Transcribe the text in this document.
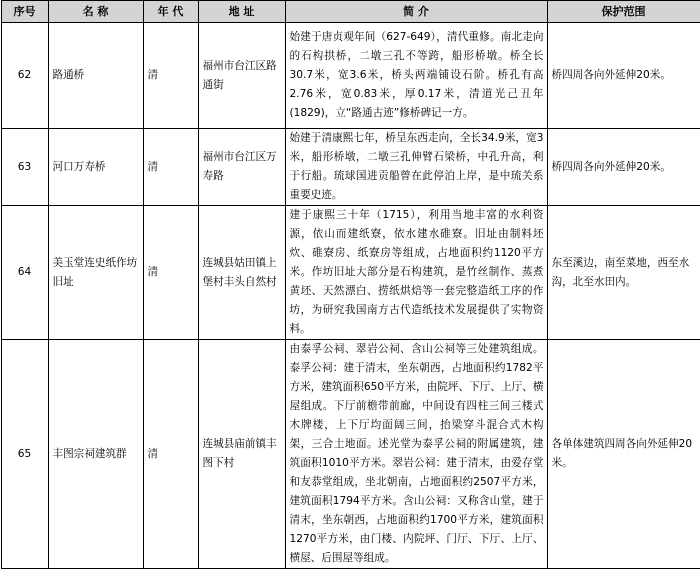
序号	名 称	年 代	地 址	简 介	保护范围
62	路通桥	清	福州市台江区路通街	始建于唐贞观年间（627-649），清代重修。南北走向的石构拱桥，二墩三孔不等跨，船形桥墩。桥全长30.7米，宽3.6米，桥头两端铺设石阶。桥孔有高2.76米，宽0.83米，厚0.17米，清道光己丑年(1829)，立“路通古迹”修桥碑记一方。	桥四周各向外延伸20米。
63	河口万寿桥	清	福州市台江区万寿路	始建于清康熙七年，桥呈东西走向，全长34.9米，宽3米，船形桥墩，二墩三孔伸臂石梁桥，中孔升高，利于行船。琉球国进贡船曾在此停泊上岸，是中琉关系重要史迹。	桥四周各向外延伸20米。
64	美玉堂连史纸作坊旧址	清	连城县姑田镇上堡村丰头自然村	建于康熙三十年（1715），利用当地丰富的水利资源，依山而建纸寮，依水建水碓寮。旧址由制料坯炊、碓寮房、纸寮房等组成，占地面积约1120平方米。作坊旧址大部分是石构建筑，是竹丝制作、蒸煮黄坯、天然漂白、捞纸烘焙等一套完整造纸工序的作坊，为研究我国南方古代造纸技术发展提供了实物资料。	东至溪边，南至菜地，西至水沟，北至水田内。
65	丰图宗祠建筑群	清	连城县庙前镇丰图下村	由泰孚公祠、翠岩公祠、含山公祠等三处建筑组成。泰孚公祠：建于清末，坐东朝西，占地面积约1782平方米，建筑面积650平方米，由院坪、下厅、上厅、横屋组成。下厅前檐带前廊，中间设有四柱三间三楼式木牌楼，上下厅均面阔三间，抬梁穿斗混合式木构架，三合土地面。述光堂为泰孚公祠的附属建筑，建筑面积1010平方米。翠岩公祠：建于清末，由爱存堂和友恭堂组成，坐北朝南，占地面积约2507平方米，建筑面积1794平方米。含山公祠：又称含山堂，建于清末，坐东朝西，占地面积约1700平方米，建筑面积1270平方米，由门楼、内院坪、门厅、下厅、上厅、横屋、后围屋等组成。	各单体建筑四周各向外延伸20米。
